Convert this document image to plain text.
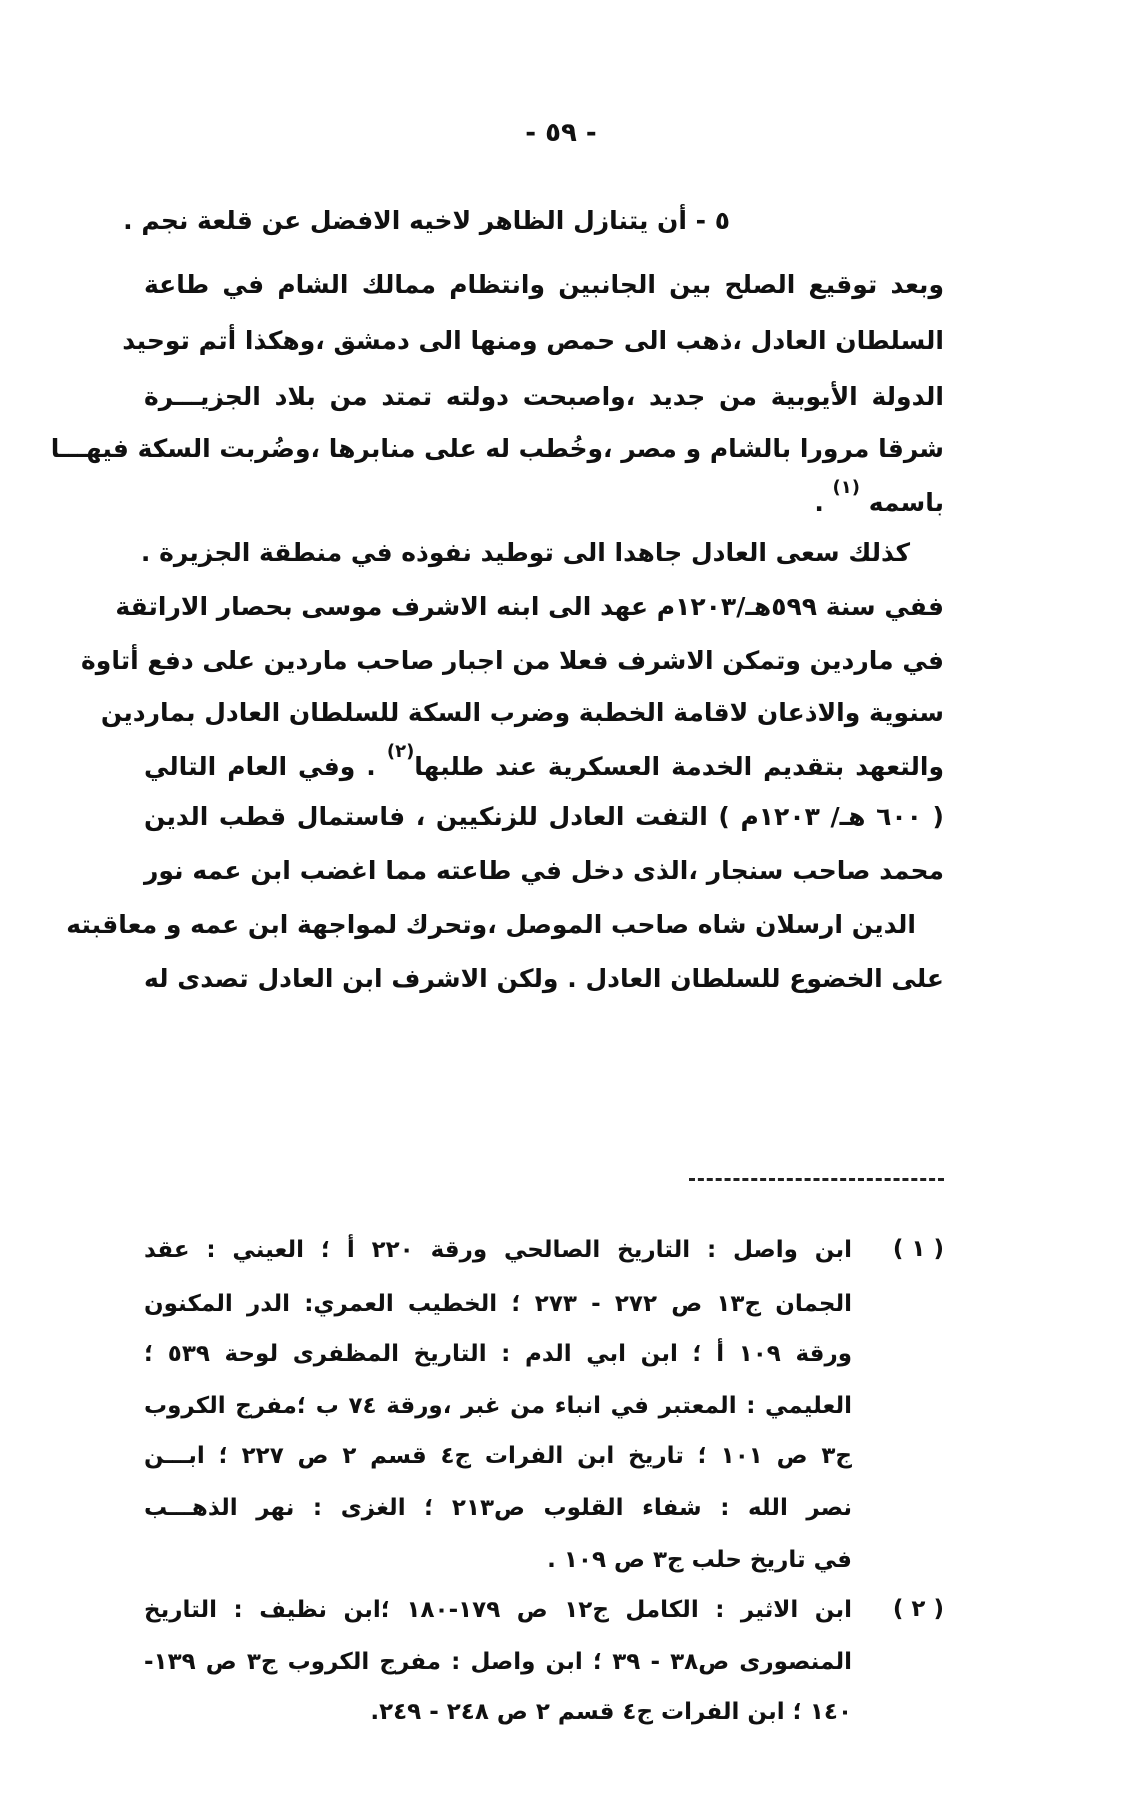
- ٥٩ -
٥ - أن يتنازل الظاهر لاخيه الافضل عن قلعة نجم .
وبعد توقيع الصلح بين الجانبين وانتظام ممالك الشام في طاعة
السلطان العادل ،ذهب الى حمص ومنها الى دمشق ،وهكذا أتم توحيد
الدولة الأيوبية من جديد ،واصبحت دولته تمتد من بلاد الجزيـــرة
شرقا مرورا بالشام و مصر ،وخُطب له على منابرها ،وضُربت السكة فيهـــا
باسمه $^{(١)}$ .
كذلك سعى العادل جاهدا الى توطيد نفوذه في منطقة الجزيرة .
ففي سنة ٥٩٩هـ/١٢٠٣م عهد الى ابنه الاشرف موسى بحصار الاراتقة
في ماردين وتمكن الاشرف فعلا من اجبار صاحب ماردين على دفع أتاوة
سنوية والاذعان لاقامة الخطبة وضرب السكة للسلطان العادل بماردين
والتعهد بتقديم الخدمة العسكرية عند طلبها$^{(٢)}$ . وفي العام التالي
( ٦٠٠ هـ/ ١٢٠٣م ) التفت العادل للزنكيين ، فاستمال قطب الدين
محمد صاحب سنجار ،الذى دخل في طاعته مما اغضب ابن عمه نور
الدين ارسلان شاه صاحب الموصل ،وتحرك لمواجهة ابن عمه و معاقبته
على الخضوع للسلطان العادل . ولكن الاشرف ابن العادل تصدى له
( ١ )
ابن واصل : التاريخ الصالحي ورقة ٢٢٠ أ ؛ العيني : عقد
الجمان ج١٣ ص ٢٧٢ - ٢٧٣ ؛ الخطيب العمري: الدر المكنون
ورقة ١٠٩ أ ؛ ابن ابي الدم : التاريخ المظفرى لوحة ٥٣٩ ؛
العليمي : المعتبر في انباء من غبر ،ورقة ٧٤ ب ؛مفرج الكروب
ج٣ ص ١٠١ ؛ تاريخ ابن الفرات ج٤ قسم ٢ ص ٢٢٧ ؛ ابـــن
نصر الله : شفاء القلوب ص٢١٣ ؛ الغزى : نهر الذهـــب
في تاريخ حلب ج٣ ص ١٠٩ .
( ٢ )
ابن الاثير : الكامل ج١٢ ص ١٧٩-١٨٠ ؛ابن نظيف : التاريخ
المنصورى ص٣٨ - ٣٩ ؛ ابن واصل : مفرج الكروب ج٣ ص ١٣٩-
١٤٠ ؛ ابن الفرات ج٤ قسم ٢ ص ٢٤٨ - ٢٤٩.
